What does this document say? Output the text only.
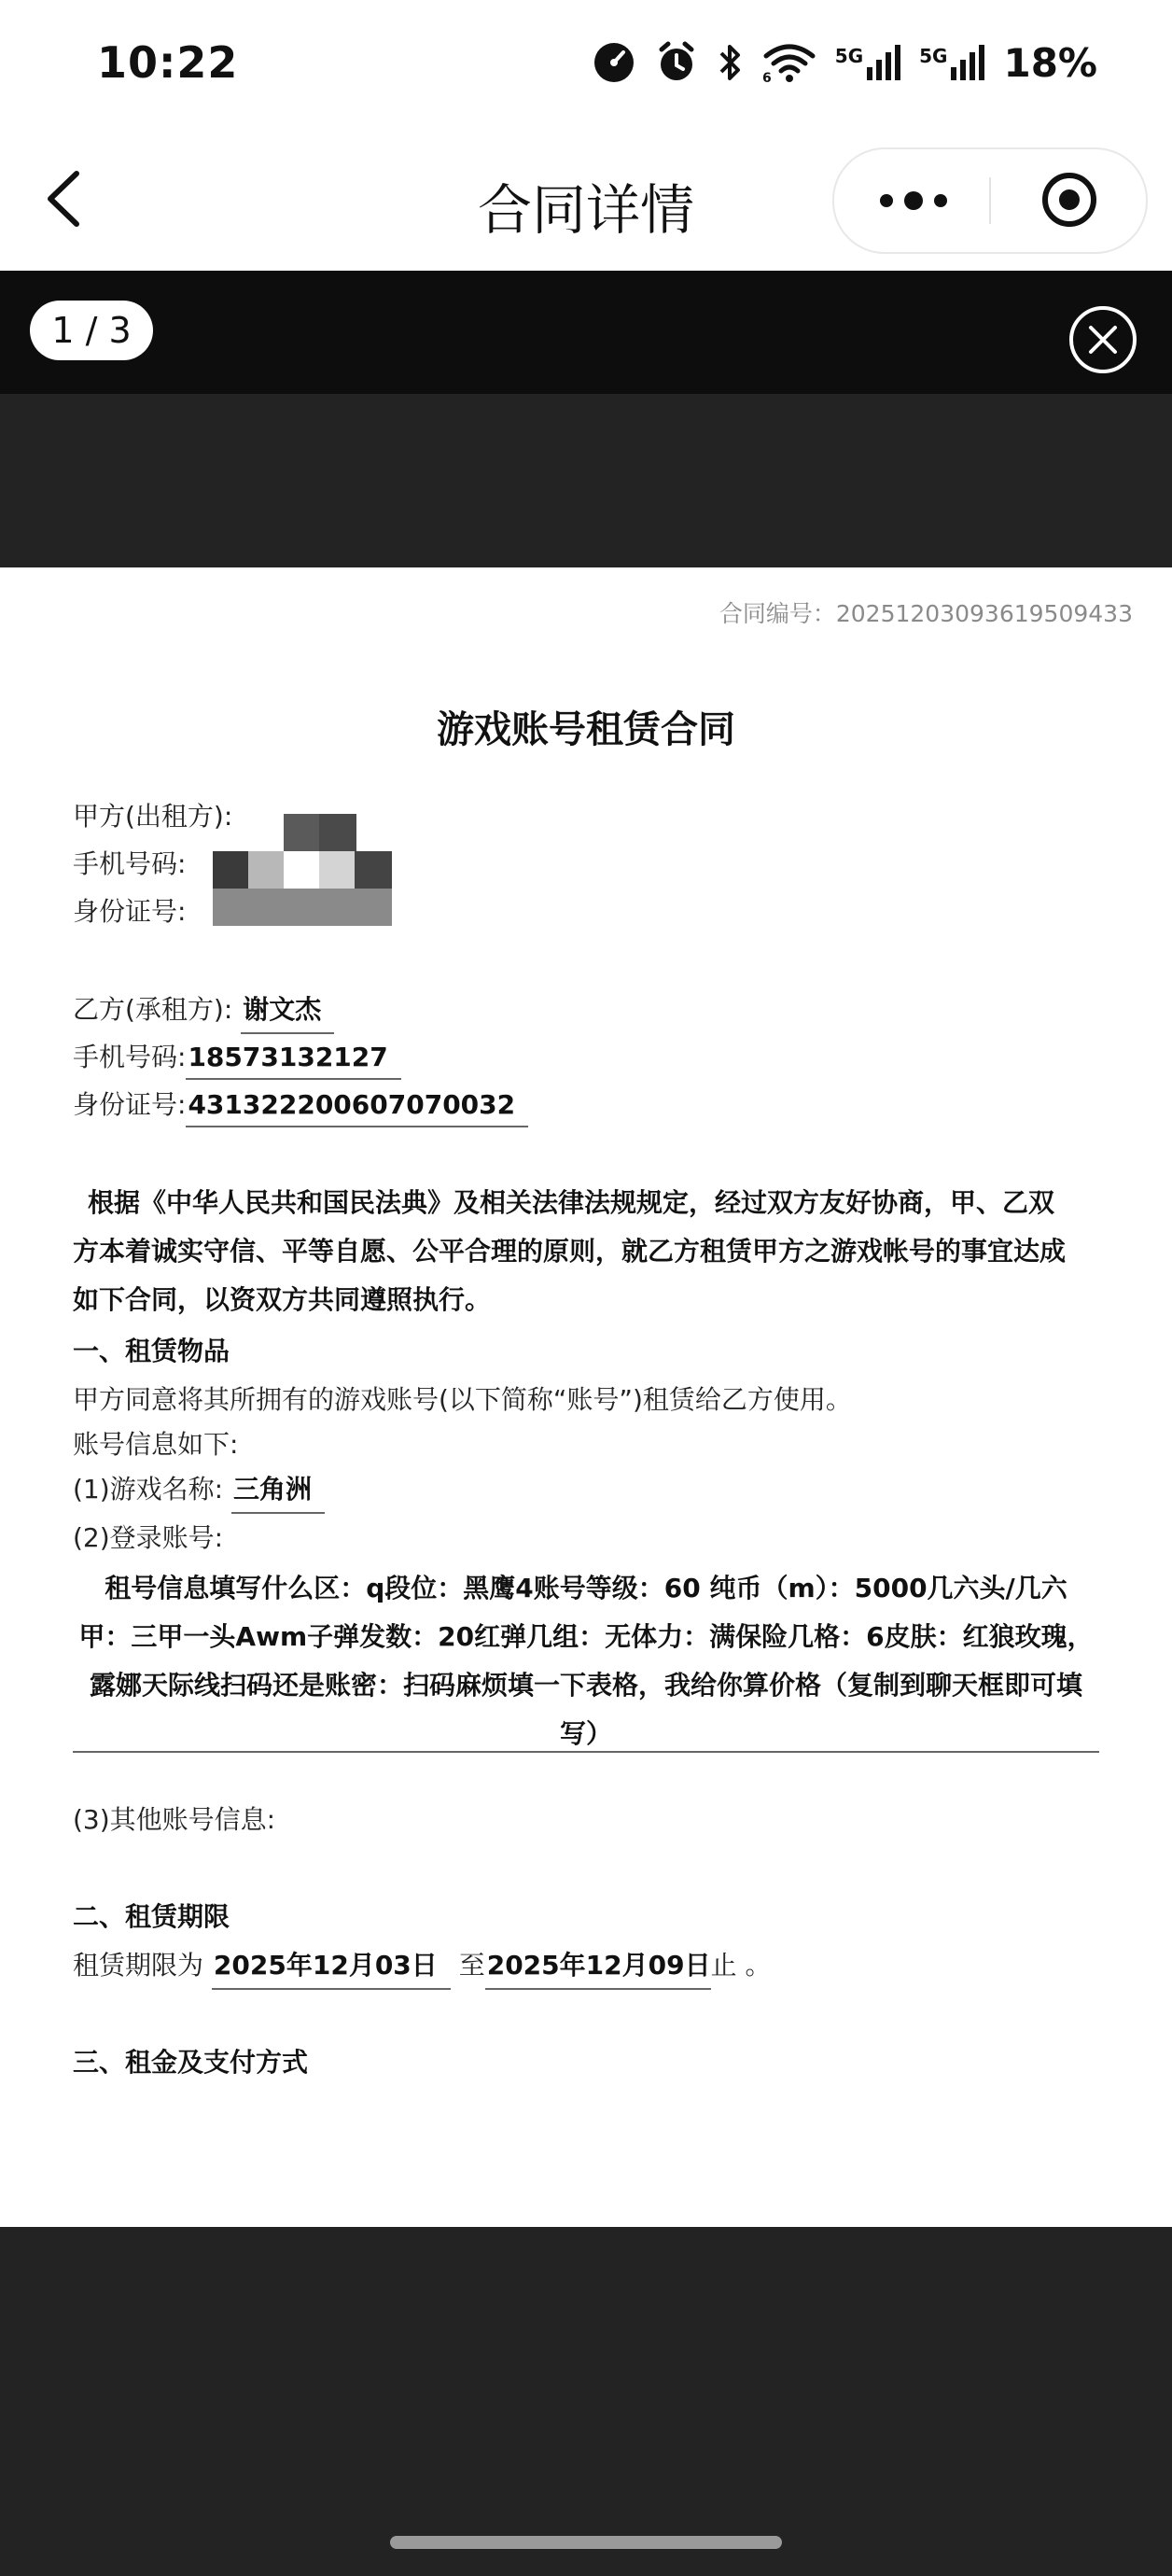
10:22	6
5G	5G 18%
合同详情
1 / 3
合同编号：20251203093619509433
游戏账号租赁合同
甲方(出租方):
手机号码:
身份证号:
乙方(承租方): 谢文杰
手机号码:18573132127
身份证号:431322200607070032
根据《中华人民共和国民法典》及相关法律法规规定，经过双方友好协商，甲、乙双
方本着诚实守信、平等自愿、公平合理的原则，就乙方租赁甲方之游戏帐号的事宜达成
如下合同，以资双方共同遵照执行。
一、租赁物品
甲方同意将其所拥有的游戏账号(以下简称“账号”)租赁给乙方使用。
账号信息如下:
(1)游戏名称: 三角洲
(2)登录账号:
租号信息填写什么区：q段位：黑鹰4账号等级：60 纯币（m）：5000几六头/几六
甲：三甲一头Awm子弹发数：20红弹几组：无体力：满保险几格：6皮肤：红狼玫瑰，
露娜天际线扫码还是账密：扫码麻烦填一下表格，我给你算价格（复制到聊天框即可填
写）
(3)其他账号信息:
二、租赁期限
租赁期限为 2025年12月03日 至2025年12月09日止 。
三、租金及支付方式
